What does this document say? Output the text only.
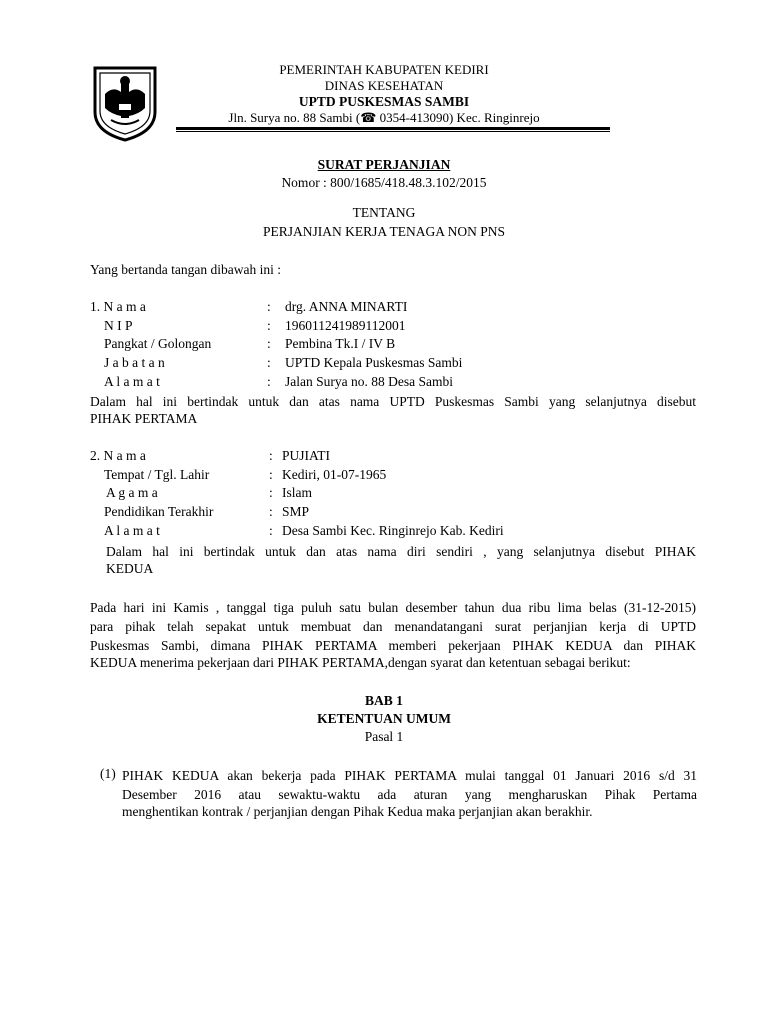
PEMERINTAH KABUPATEN KEDIRI
DINAS KESEHATAN
UPTD PUSKESMAS SAMBI
Jln. Surya no. 88 Sambi (☎ 0354-413090) Kec. Ringinrejo
SURAT PERJANJIAN
Nomor : 800/1685/418.48.3.102/2015
TENTANG
PERJANJIAN KERJA TENAGA NON PNS
Yang bertanda tangan dibawah ini :
1. N a m a	: drg. ANNA MINARTI
N I P	: 196011241989112001
Pangkat / Golongan	: Pembina Tk.I / IV B
J a b a t a n	: UPTD Kepala Puskesmas Sambi
A l a m a t	: Jalan Surya no. 88 Desa Sambi
Dalam hal ini bertindak untuk dan atas nama UPTD Puskesmas Sambi yang selanjutnya disebut
PIHAK PERTAMA
2. N a m a	: PUJIATI
Tempat / Tgl. Lahir	: Kediri, 01-07-1965
A g a m a	: Islam
Pendidikan Terakhir	: SMP
A l a m a t	: Desa Sambi Kec. Ringinrejo Kab. Kediri
Dalam hal ini bertindak untuk dan atas nama diri sendiri , yang selanjutnya disebut PIHAK
KEDUA
Pada hari ini Kamis , tanggal tiga puluh satu bulan desember tahun dua ribu lima belas (31-12-2015)
para pihak telah sepakat untuk membuat dan menandatangani surat perjanjian kerja di UPTD
Puskesmas Sambi, dimana PIHAK PERTAMA memberi pekerjaan PIHAK KEDUA dan PIHAK
KEDUA menerima pekerjaan dari PIHAK PERTAMA,dengan syarat dan ketentuan sebagai berikut:
BAB 1
KETENTUAN UMUM
Pasal 1
(1) PIHAK KEDUA akan bekerja pada PIHAK PERTAMA mulai tanggal 01 Januari 2016 s/d 31
Desember 2016 atau sewaktu-waktu ada aturan yang mengharuskan Pihak Pertama
menghentikan kontrak / perjanjian dengan Pihak Kedua maka perjanjian akan berakhir.
